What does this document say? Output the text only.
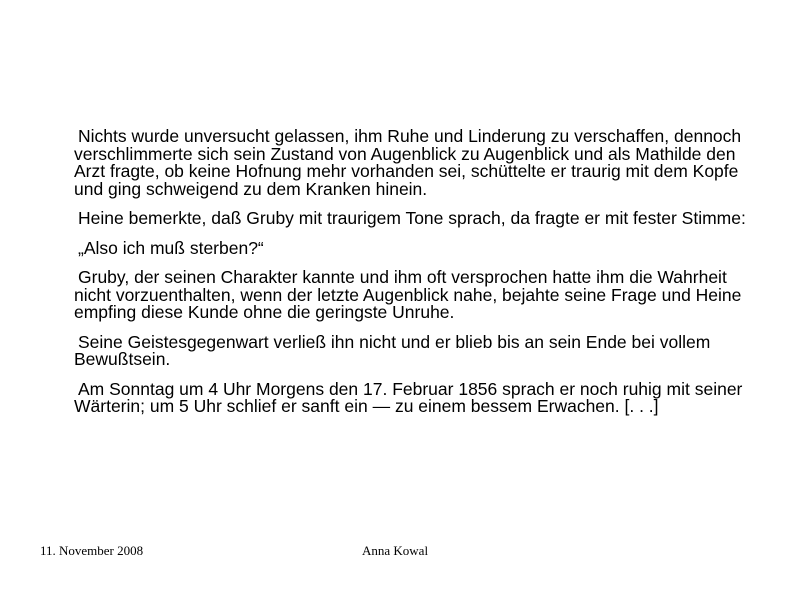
Nichts wurde unversucht gelassen, ihm Ruhe und Linderung zu verschaffen, dennoch verschlimmerte sich sein Zustand von Augenblick zu Augenblick und als Mathilde den Arzt fragte, ob keine Hofnung mehr vorhanden sei, schüttelte er traurig mit dem Kopfe und ging schweigend zu dem Kranken hinein.

Heine bemerkte, daß Gruby mit traurigem Tone sprach, da fragte er mit fester Stimme:

„Also ich muß sterben?“

Gruby, der seinen Charakter kannte und ihm oft versprochen hatte ihm die Wahrheit nicht vorzuenthalten, wenn der letzte Augenblick nahe, bejahte seine Frage und Heine empfing diese Kunde ohne die geringste Unruhe.

Seine Geistesgegenwart verließ ihn nicht und er blieb bis an sein Ende bei vollem Bewußtsein.

Am Sonntag um 4 Uhr Morgens den 17. Februar 1856 sprach er noch ruhig mit seiner Wärterin; um 5 Uhr schlief er sanft ein — zu einem bessem Erwachen. [. . .]

11. November 2008	Anna Kowal
